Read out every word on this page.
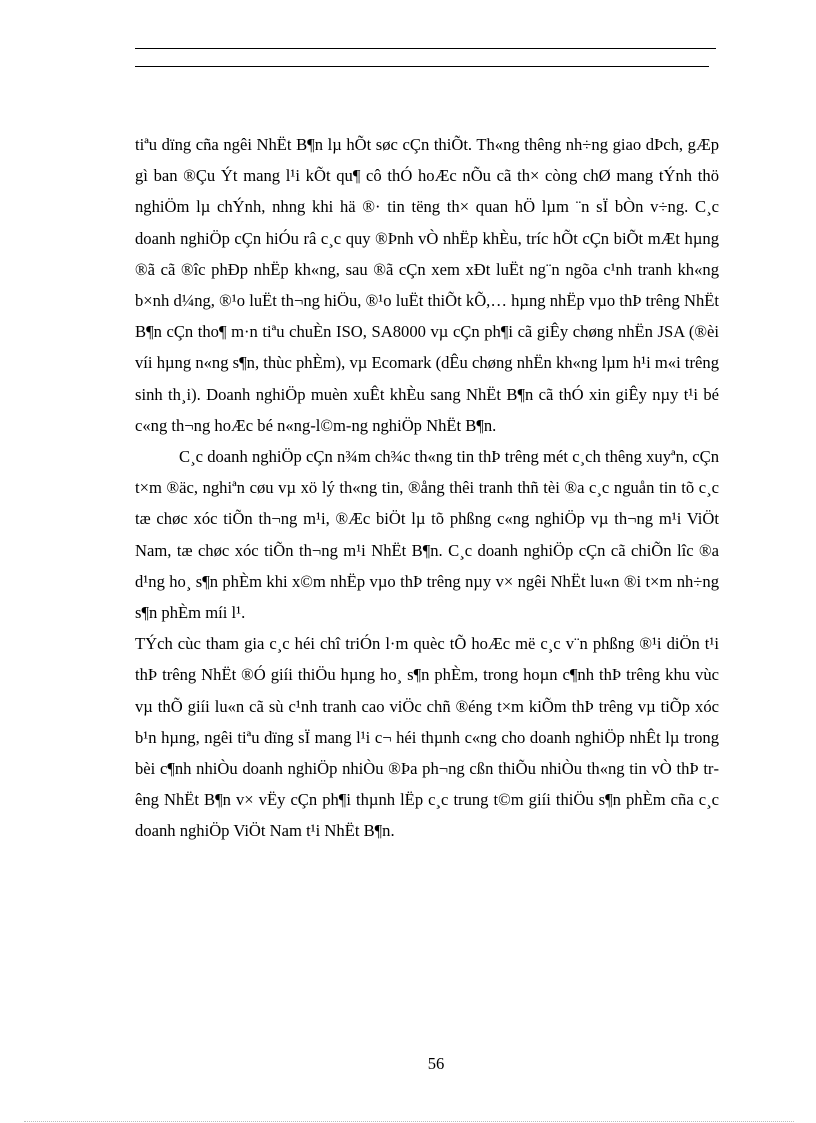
tiªu dïng cña ngêi NhËt B¶n lµ hÕt søc cÇn thiÕt. Th«ng thêng nh÷ng giao dÞch, gÆp gì ban ®Çu Ýt mang l¹i kÕt qu¶ cô thÓ hoÆc nÕu cã th× còng chØ mang tÝnh thö nghiÖm lµ chÝnh, nhng khi hä ®· tin tëng th× quan hÖ lµm ¨n sÏ bÒn v÷ng. C¸c doanh nghiÖp cÇn hiÓu râ c¸c quy ®Þnh vÒ nhËp khÈu, tríc hÕt cÇn biÕt mÆt hµng ®ã cã ®îc phÐp nhËp kh«ng, sau ®ã cÇn xem xÐt luËt ng¨n ngõa c¹nh tranh kh«ng b×nh d¼ng, ®¹o luËt th¬ng hiÖu, ®¹o luËt thiÕt kÕ,… hµng nhËp vµo thÞ trêng NhËt B¶n cÇn tho¶ m·n tiªu chuÈn ISO, SA8000 vµ cÇn ph¶i cã giÊy chøng nhËn JSA (®èi víi hµng n«ng s¶n, thùc phÈm), vµ Ecomark (dÊu chøng nhËn kh«ng lµm h¹i m«i trêng sinh th¸i). Doanh nghiÖp muèn xuÊt khÈu sang NhËt B¶n cã thÓ xin giÊy nµy t¹i bé c«ng th¬ng hoÆc bé n«ng-l©m-ng nghiÖp NhËt B¶n.

C¸c doanh nghiÖp cÇn n¾m ch¾c th«ng tin thÞ trêng mét c¸ch thêng xuyªn, cÇn t×m ®äc, nghiªn cøu vµ xö lý th«ng tin, ®ång thêi tranh thñ tèi ®a c¸c nguån tin tõ c¸c tæ chøc xóc tiÕn th¬ng m¹i, ®Æc biÖt lµ tõ phßng c«ng nghiÖp vµ th¬ng m¹i ViÖt Nam, tæ chøc xóc tiÕn th¬ng m¹i NhËt B¶n. C¸c doanh nghiÖp cÇn cã chiÕn lîc ®a d¹ng ho¸ s¶n phÈm khi x©m nhËp vµo thÞ trêng nµy v× ngêi NhËt lu«n ®i t×m nh÷ng s¶n phÈm míi l¹.

TÝch cùc tham gia c¸c héi chî triÓn l·m quèc tÕ hoÆc më c¸c v¨n phßng ®¹i diÖn t¹i thÞ trêng NhËt ®Ó giíi thiÖu hµng ho¸ s¶n phÈm, trong hoµn c¶nh thÞ trêng khu vùc vµ thÕ giíi lu«n cã sù c¹nh tranh cao viÖc chñ ®éng t×m kiÕm thÞ trêng vµ tiÕp xóc b¹n hµng, ngêi tiªu dïng sÏ mang l¹i c¬ héi thµnh c«ng cho doanh nghiÖp nhÊt lµ trong bèi c¶nh nhiÒu doanh nghiÖp nhiÒu ®Þa ph¬ng cßn thiÕu nhiÒu th«ng tin vÒ thÞ trêng NhËt B¶n v× vËy cÇn ph¶i thµnh lËp c¸c trung t©m giíi thiÖu s¶n phÈm cña c¸c doanh nghiÖp ViÖt Nam t¹i NhËt B¶n.

56
